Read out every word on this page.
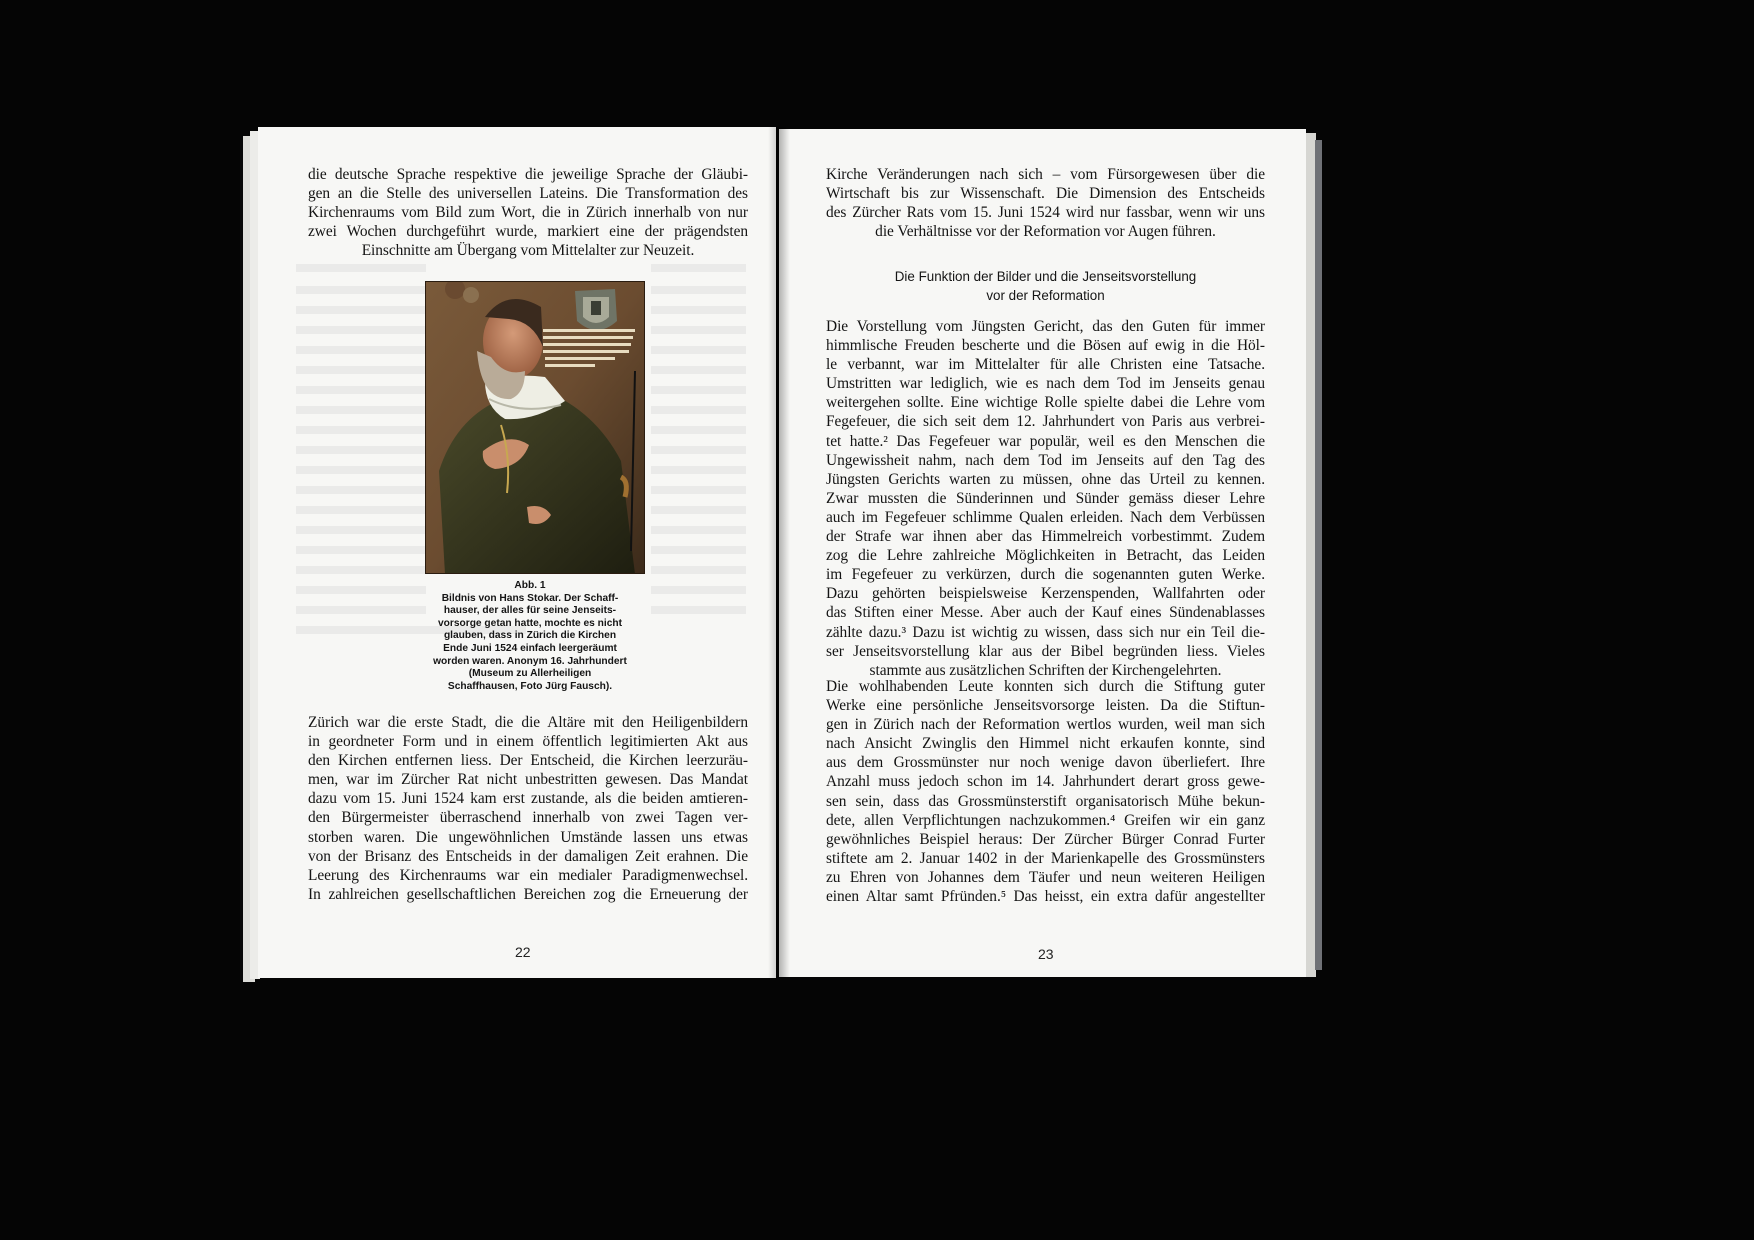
die deutsche Sprache respektive die jeweilige Sprache der Gläubi-
gen an die Stelle des universellen Lateins. Die Transformation des
Kirchenraums vom Bild zum Wort, die in Zürich innerhalb von nur
zwei Wochen durchgeführt wurde, markiert eine der prägendsten
Einschnitte am Übergang vom Mittelalter zur Neuzeit.
Abb. 1
Bildnis von Hans Stokar. Der Schaff-
hauser, der alles für seine Jenseits-
vorsorge getan hatte, mochte es nicht
glauben, dass in Zürich die Kirchen
Ende Juni 1524 einfach leergeräumt
worden waren. Anonym 16. Jahrhundert
(Museum zu Allerheiligen
Schaffhausen, Foto Jürg Fausch).
Zürich war die erste Stadt, die die Altäre mit den Heiligenbildern
in geordneter Form und in einem öffentlich legitimierten Akt aus
den Kirchen entfernen liess. Der Entscheid, die Kirchen leerzuräu-
men, war im Zürcher Rat nicht unbestritten gewesen. Das Mandat
dazu vom 15. Juni 1524 kam erst zustande, als die beiden amtieren-
den Bürgermeister überraschend innerhalb von zwei Tagen ver-
storben waren. Die ungewöhnlichen Umstände lassen uns etwas
von der Brisanz des Entscheids in der damaligen Zeit erahnen. Die
Leerung des Kirchenraums war ein medialer Paradigmenwechsel.
In zahlreichen gesellschaftlichen Bereichen zog die Erneuerung der
22
Kirche Veränderungen nach sich – vom Fürsorgewesen über die
Wirtschaft bis zur Wissenschaft. Die Dimension des Entscheids
des Zürcher Rats vom 15. Juni 1524 wird nur fassbar, wenn wir uns
die Verhältnisse vor der Reformation vor Augen führen.
Die Funktion der Bilder und die Jenseitsvorstellung
vor der Reformation
Die Vorstellung vom Jüngsten Gericht, das den Guten für immer
himmlische Freuden bescherte und die Bösen auf ewig in die Höl-
le verbannt, war im Mittelalter für alle Christen eine Tatsache.
Umstritten war lediglich, wie es nach dem Tod im Jenseits genau
weitergehen sollte. Eine wichtige Rolle spielte dabei die Lehre vom
Fegefeuer, die sich seit dem 12. Jahrhundert von Paris aus verbrei-
tet hatte.² Das Fegefeuer war populär, weil es den Menschen die
Ungewissheit nahm, nach dem Tod im Jenseits auf den Tag des
Jüngsten Gerichts warten zu müssen, ohne das Urteil zu kennen.
Zwar mussten die Sünderinnen und Sünder gemäss dieser Lehre
auch im Fegefeuer schlimme Qualen erleiden. Nach dem Verbüssen
der Strafe war ihnen aber das Himmelreich vorbestimmt. Zudem
zog die Lehre zahlreiche Möglichkeiten in Betracht, das Leiden
im Fegefeuer zu verkürzen, durch die sogenannten guten Werke.
Dazu gehörten beispielsweise Kerzenspenden, Wallfahrten oder
das Stiften einer Messe. Aber auch der Kauf eines Sündenablasses
zählte dazu.³ Dazu ist wichtig zu wissen, dass sich nur ein Teil die-
ser Jenseitsvorstellung klar aus der Bibel begründen liess. Vieles
stammte aus zusätzlichen Schriften der Kirchengelehrten.
Die wohlhabenden Leute konnten sich durch die Stiftung guter
Werke eine persönliche Jenseitsvorsorge leisten. Da die Stiftun-
gen in Zürich nach der Reformation wertlos wurden, weil man sich
nach Ansicht Zwinglis den Himmel nicht erkaufen konnte, sind
aus dem Grossmünster nur noch wenige davon überliefert. Ihre
Anzahl muss jedoch schon im 14. Jahrhundert derart gross gewe-
sen sein, dass das Grossmünsterstift organisatorisch Mühe bekun-
dete, allen Verpflichtungen nachzukommen.⁴ Greifen wir ein ganz
gewöhnliches Beispiel heraus: Der Zürcher Bürger Conrad Furter
stiftete am 2. Januar 1402 in der Marienkapelle des Grossmünsters
zu Ehren von Johannes dem Täufer und neun weiteren Heiligen
einen Altar samt Pfründen.⁵ Das heisst, ein extra dafür angestellter
23
